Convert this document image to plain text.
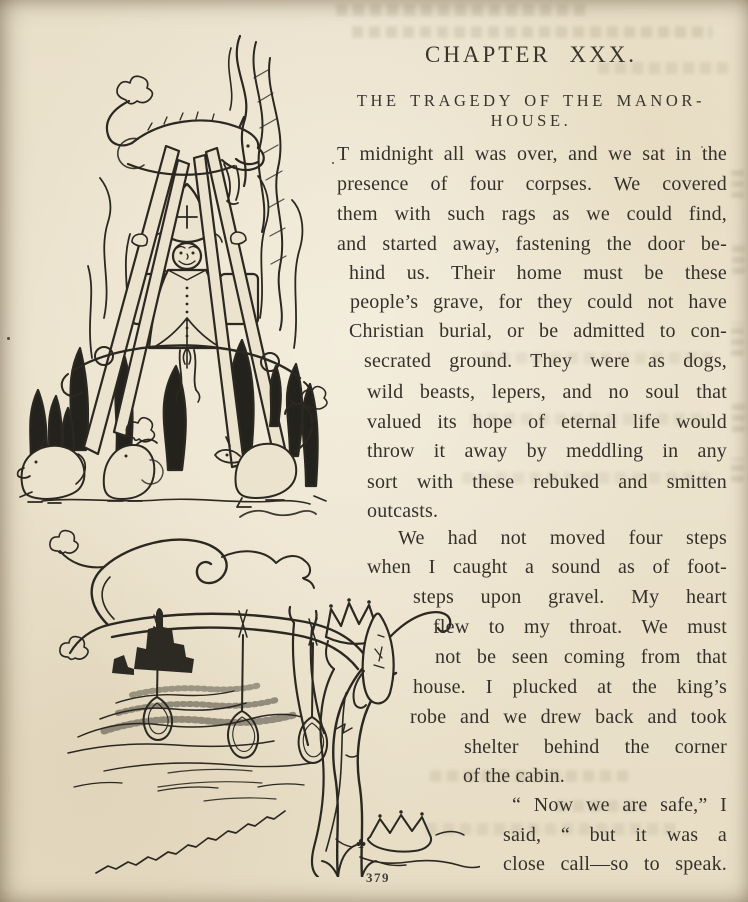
♣
CHAPTER XXX.
THE TRAGEDY OF THE MANOR-HOUSE.
T midnight all was over, and we sat in the
presence of four corpses. We covered
them with such rags as we could find,
and started away, fastening the door be-
hind us. Their home must be these
people’s grave, for they could not have
Christian burial, or be admitted to con-
secrated ground. They were as dogs,
wild beasts, lepers, and no soul that
valued its hope of eternal life would
throw it away by meddling in any
sort with these rebuked and smitten
outcasts.
We had not moved four steps
when I caught a sound as of foot-
steps upon gravel. My heart
flew to my throat. We must
not be seen coming from that
house. I plucked at the king’s
robe and we drew back and took
shelter behind the corner
of the cabin.
“ Now we are safe,” I
said, “ but it was a
close call—so to speak.
379
